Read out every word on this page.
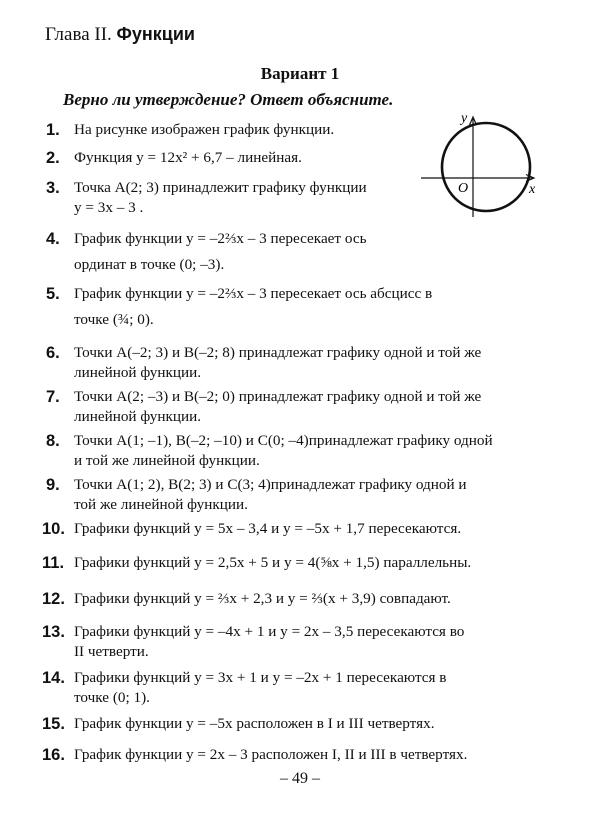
Глава II. Функции
Вариант 1
Верно ли утверждение? Ответ объясните.
y
x
O
1. На рисунке изображен график функции.
2. Функция y = 12x² + 6,7 – линейная.
3. Точка A(2; 3) принадлежит графику функции
y = 3x – 3 .
4. График функции y = –2⅔x – 3 пересекает ось
ординат в точке (0; –3).
5. График функции y = –2⅔x – 3 пересекает ось абсцисс в
точке (¾; 0).
6. Точки A(–2; 3) и B(–2; 8) принадлежат графику одной и той же
линейной функции.
7. Точки A(2; –3) и B(–2; 0) принадлежат графику одной и той же
линейной функции.
8. Точки A(1; –1), B(–2; –10) и C(0; –4)принадлежат графику одной
и той же линейной функции.
9. Точки A(1; 2), B(2; 3) и C(3; 4)принадлежат графику одной и
той же линейной функции.
10. Графики функций y = 5x – 3,4 и y = –5x + 1,7 пересекаются.
11. Графики функций y = 2,5x + 5 и y = 4(⅝x + 1,5) параллельны.
12. Графики функций y = ⅔x + 2,3 и y = ⅔(x + 3,9) совпадают.
13. Графики функций y = –4x + 1 и y = 2x – 3,5 пересекаются во
II четверти.
14. Графики функций y = 3x + 1 и y = –2x + 1 пересекаются в
точке (0; 1).
15. График функции y = –5x расположен в I и III четвертях.
16. График функции y = 2x – 3 расположен I, II и III в четвертях.
– 49 –
